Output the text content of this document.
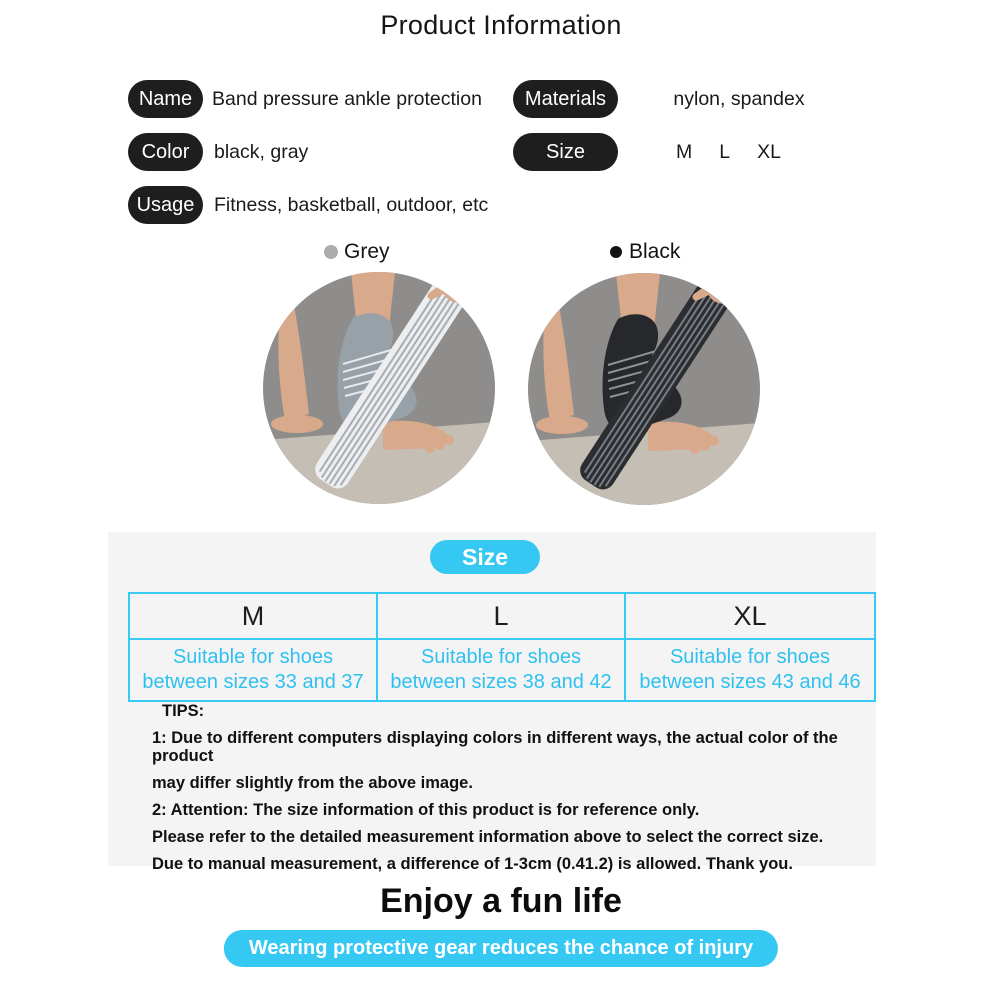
Product Information
Name Band pressure ankle protection Materials	nylon, spandex
Color black, gray	Size	M L XL
Usage Fitness, basketball, outdoor, etc
Grey	Black
Size
M	L	XL
Suitable for shoes
between sizes 33 and 37
Suitable for shoes
between sizes 38 and 42
Suitable for shoes
between sizes 43 and 46

TIPS:

1: Due to different computers displaying colors in different ways, the actual color of the product

may differ slightly from the above image.

2: Attention: The size information of this product is for reference only.

Please refer to the detailed measurement information above to select the correct size.

Due to manual measurement, a difference of 1-3cm (0.41.2) is allowed. Thank you.

Enjoy a fun life
Wearing protective gear reduces the chance of injury
